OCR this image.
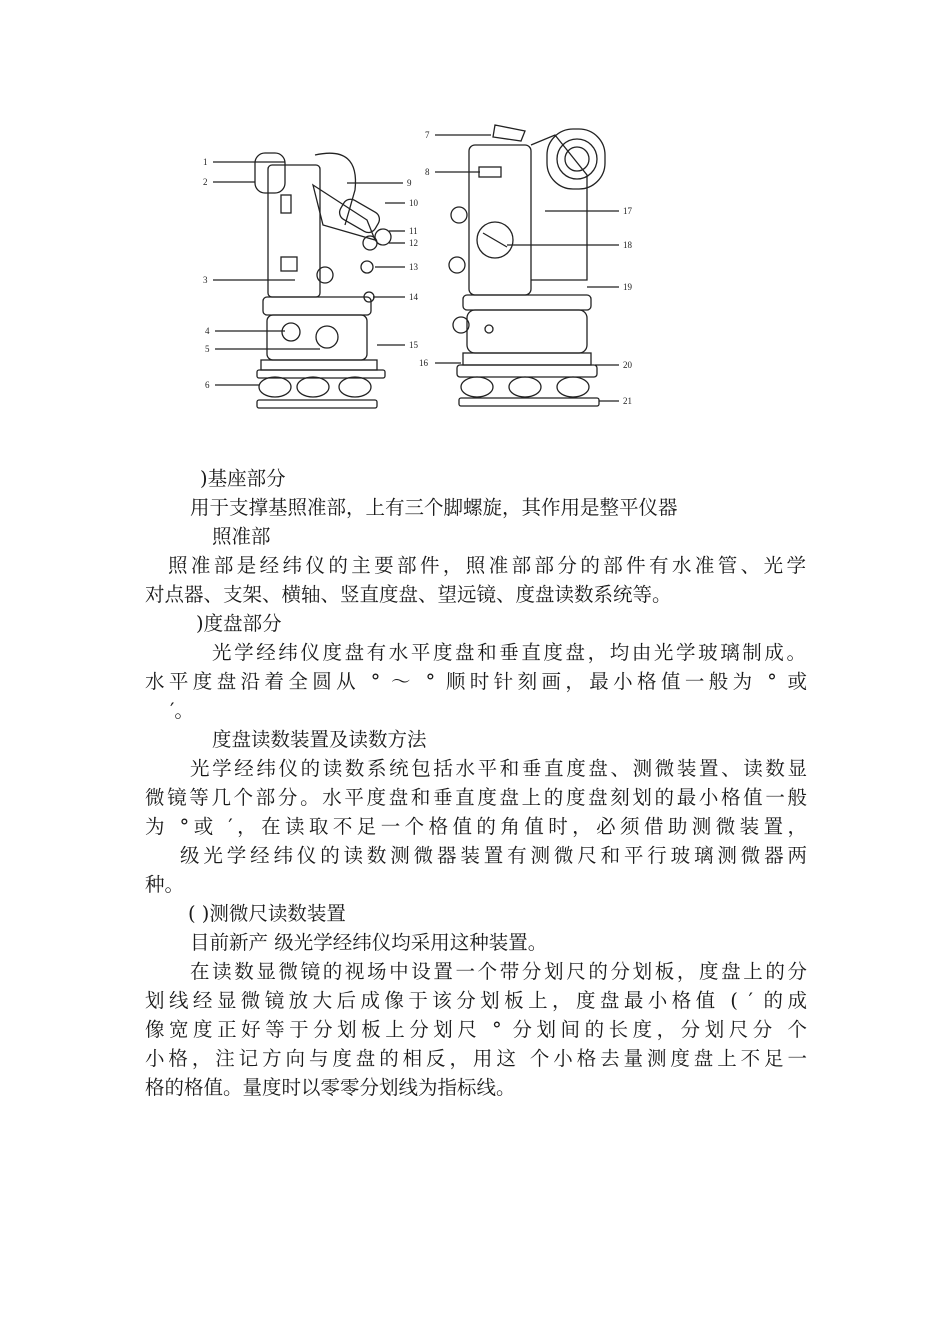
1
2
3
4
5
6
9
10
11
12
13
14
15
7
8
16
17
18
19
20
21
)基座部分
用于支撑基照准部，上有三个脚螺旋，其作用是整平仪器
照准部
照准部是经纬仪的主要部件，照准部部分的部件有水准管、光学
对点器、支架、横轴、竖直度盘、望远镜、度盘读数系统等。
)度盘部分
光学经纬仪度盘有水平度盘和垂直度盘，均由光学玻璃制成。
水平度盘沿着全圆从 ° ～ ° 顺时针刻画，最小格值一般为 ° 或
′。
度盘读数装置及读数方法
光学经纬仪的读数系统包括水平和垂直度盘、测微装置、读数显
微镜等几个部分。水平度盘和垂直度盘上的度盘刻划的最小格值一般
为 °或 ′，在读取不足一个格值的角值时，必须借助测微装置，
级光学经纬仪的读数测微器装置有测微尺和平行玻璃测微器两
种。
( )测微尺读数装置
目前新产 级光学经纬仪均采用这种装置。
在读数显微镜的视场中设置一个带分划尺的分划板，度盘上的分
划线经显微镜放大后成像于该分划板上，度盘最小格值 ( ′ 的成
像宽度正好等于分划板上分划尺 ° 分划间的长度，分划尺分 个
小格，注记方向与度盘的相反，用这 个小格去量测度盘上不足一
格的格值。量度时以零零分划线为指标线。
